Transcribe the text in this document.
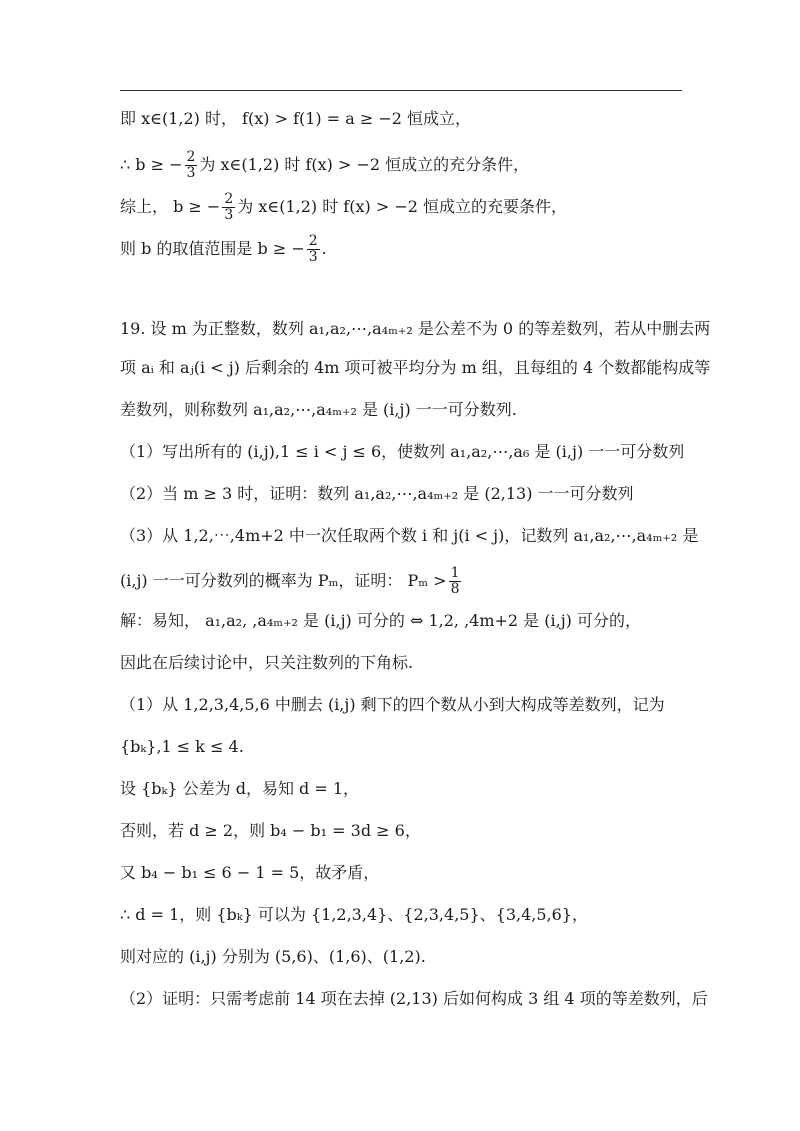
即 x∈(1,2) 时， f(x) > f(1) = a ≥ −2 恒成立，
∴ b ≥ − $\frac{2}{3}$ 为 x∈(1,2) 时 f(x) > −2 恒成立的充分条件，
综上， b ≥ − $\frac{2}{3}$ 为 x∈(1,2) 时 f(x) > −2 恒成立的充要条件，
则 b 的取值范围是 b ≥ − $\frac{2}{3}$ .
19. 设 m 为正整数，数列 a₁,a₂,⋯,a₄ₘ₊₂ 是公差不为 0 的等差数列，若从中删去两
项 aᵢ 和 aⱼ(i < j) 后剩余的 4m 项可被平均分为 m 组，且每组的 4 个数都能构成等
差数列，则称数列 a₁,a₂,⋯,a₄ₘ₊₂ 是 (i,j) 一一可分数列.
（1）写出所有的 (i,j),1 ≤ i < j ≤ 6，使数列 a₁,a₂,⋯,a₆ 是 (i,j) 一一可分数列
（2）当 m ≥ 3 时，证明：数列 a₁,a₂,⋯,a₄ₘ₊₂ 是 (2,13) 一一可分数列
（3）从 1,2,⋯,4m+2 中一次任取两个数 i 和 j(i < j)，记数列 a₁,a₂,⋯,a₄ₘ₊₂ 是
(i,j) 一一可分数列的概率为 Pₘ，证明： $P_m > \frac{1}{8}$
解：易知， a₁,a₂, ,a₄ₘ₊₂ 是 (i,j) 可分的 ⇔ 1,2, ,4m+2 是 (i,j) 可分的，
因此在后续讨论中，只关注数列的下角标.
（1）从 1,2,3,4,5,6 中删去 (i,j) 剩下的四个数从小到大构成等差数列，记为
{bₖ},1 ≤ k ≤ 4.
设 {bₖ} 公差为 d，易知 d = 1，
否则，若 d ≥ 2，则 b₄ − b₁ = 3d ≥ 6，
又 b₄ − b₁ ≤ 6 − 1 = 5，故矛盾，
∴ d = 1，则 {bₖ} 可以为 {1,2,3,4}、{2,3,4,5}、{3,4,5,6}，
则对应的 (i,j) 分别为 (5,6)、(1,6)、(1,2).
（2）证明：只需考虑前 14 项在去掉 (2,13) 后如何构成 3 组 4 项的等差数列，后
